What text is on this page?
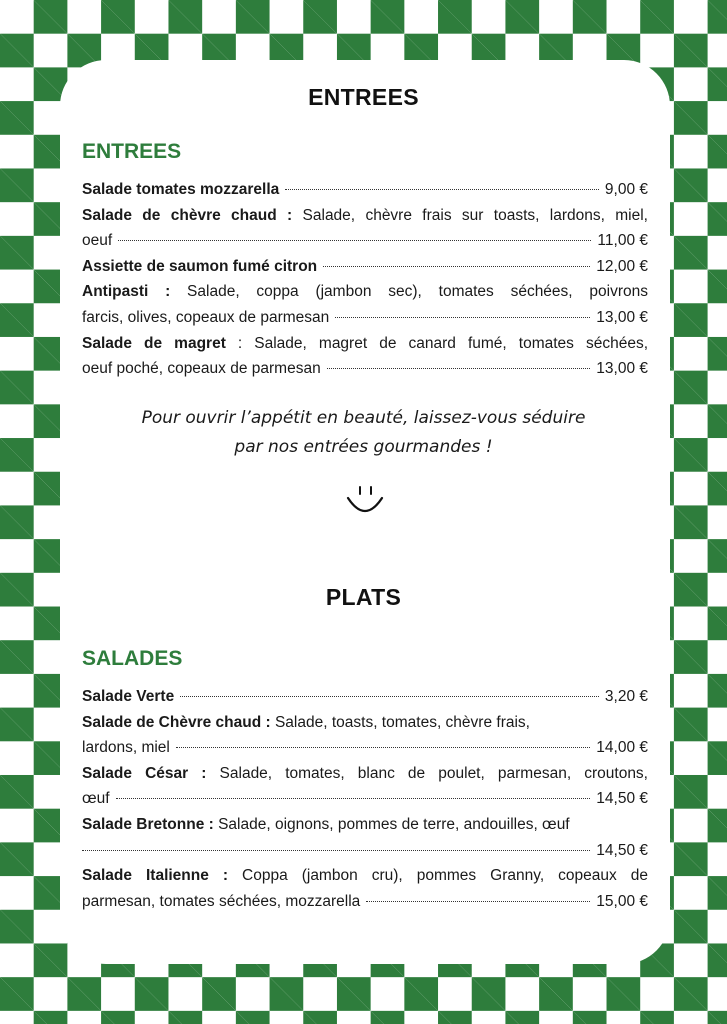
ENTREES
ENTREES
Salade tomates mozzarella	9,00 €
Salade de chèvre chaud : Salade, chèvre frais sur toasts, lardons, miel,
oeuf	11,00 €
Assiette de saumon fumé citron	12,00 €
Antipasti : Salade, coppa (jambon sec), tomates séchées, poivrons
farcis, olives, copeaux de parmesan	13,00 €
Salade de magret : Salade, magret de canard fumé, tomates séchées,
oeuf poché, copeaux de parmesan	13,00 €
Pour ouvrir l’appétit en beauté, laissez-vous séduire
par nos entrées gourmandes !
PLATS
SALADES
Salade Verte	3,20 €
Salade de Chèvre chaud : Salade, toasts, tomates, chèvre frais,
lardons, miel	14,00 €
Salade César : Salade, tomates, blanc de poulet, parmesan, croutons,
œuf	14,50 €
Salade Bretonne : Salade, oignons, pommes de terre, andouilles, œuf
14,50 €
Salade Italienne : Coppa (jambon cru), pommes Granny, copeaux de
parmesan, tomates séchées, mozzarella	15,00 €
